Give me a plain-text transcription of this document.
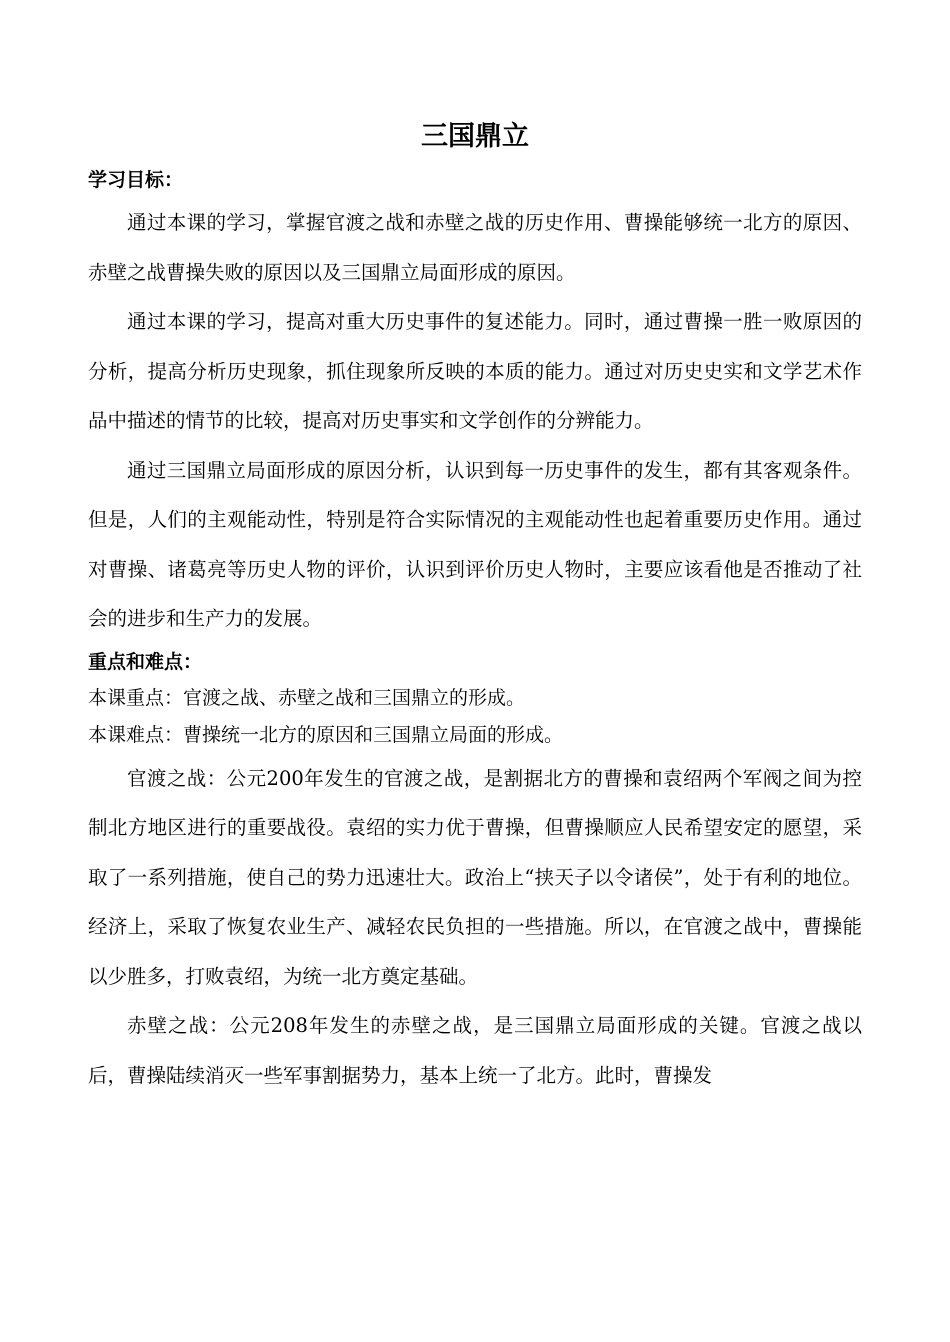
三国鼎立

学习目标：

通过本课的学习，掌握官渡之战和赤壁之战的历史作用、曹操能够统一北方的原因、赤壁之战曹操失败的原因以及三国鼎立局面形成的原因。

通过本课的学习，提高对重大历史事件的复述能力。同时，通过曹操一胜一败原因的分析，提高分析历史现象，抓住现象所反映的本质的能力。通过对历史史实和文学艺术作品中描述的情节的比较，提高对历史事实和文学创作的分辨能力。

通过三国鼎立局面形成的原因分析，认识到每一历史事件的发生，都有其客观条件。但是，人们的主观能动性，特别是符合实际情况的主观能动性也起着重要历史作用。通过对曹操、诸葛亮等历史人物的评价，认识到评价历史人物时，主要应该看他是否推动了社会的进步和生产力的发展。

重点和难点：

本课重点：官渡之战、赤壁之战和三国鼎立的形成。

本课难点：曹操统一北方的原因和三国鼎立局面的形成。

官渡之战：公元200年发生的官渡之战，是割据北方的曹操和袁绍两个军阀之间为控制北方地区进行的重要战役。袁绍的实力优于曹操，但曹操顺应人民希望安定的愿望，采取了一系列措施，使自己的势力迅速壮大。政治上“挟天子以令诸侯”，处于有利的地位。经济上，采取了恢复农业生产、减轻农民负担的一些措施。所以，在官渡之战中，曹操能以少胜多，打败袁绍，为统一北方奠定基础。

赤壁之战：公元208年发生的赤壁之战，是三国鼎立局面形成的关键。官渡之战以后，曹操陆续消灭一些军事割据势力，基本上统一了北方。此时，曹操发
